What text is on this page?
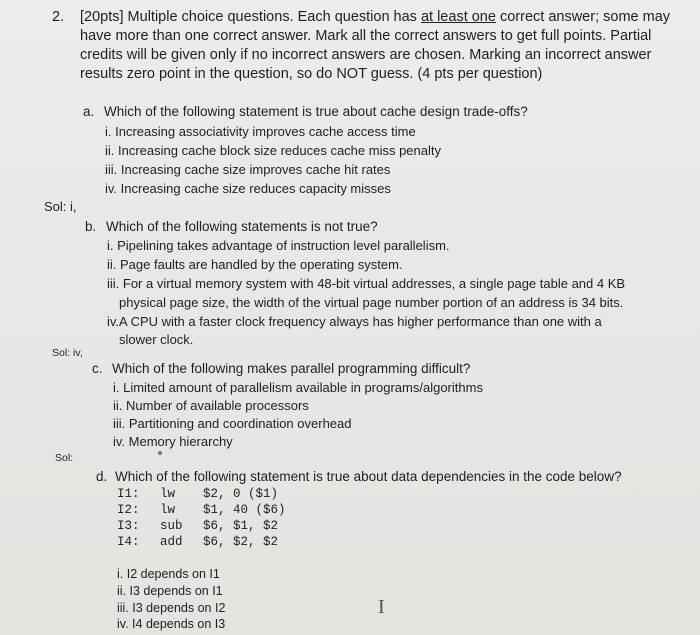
2. [20pts] Multiple choice questions. Each question has at least one correct answer; some may
have more than one correct answer. Mark all the correct answers to get full points. Partial
credits will be given only if no incorrect answers are chosen. Marking an incorrect answer
results zero point in the question, so do NOT guess. (4 pts per question)
a. Which of the following statement is true about cache design trade-offs?
i. Increasing associativity improves cache access time
ii. Increasing cache block size reduces cache miss penalty
iii. Increasing cache size improves cache hit rates
iv. Increasing cache size reduces capacity misses
Sol: i,
b. Which of the following statements is not true?
i. Pipelining takes advantage of instruction level parallelism.
ii. Page faults are handled by the operating system.
iii. For a virtual memory system with 48-bit virtual addresses, a single page table and 4 KB
physical page size, the width of the virtual page number portion of an address is 34 bits.
iv.A CPU with a faster clock frequency always has higher performance than one with a
slower clock.
Sol: iv,
c. Which of the following makes parallel programming difficult?
i. Limited amount of parallelism available in programs/algorithms
ii. Number of available processors
iii. Partitioning and coordination overhead
iv. Memory hierarchy
Sol:
d. Which of the following statement is true about data dependencies in the code below?
I1: lw $2, 0 ($1)
I2: lw $1, 40 ($6)
I3: sub $6, $1, $2
I4: add $6, $2, $2
i. I2 depends on I1
ii. I3 depends on I1
iii. I3 depends on I2
iv. I4 depends on I3
I
